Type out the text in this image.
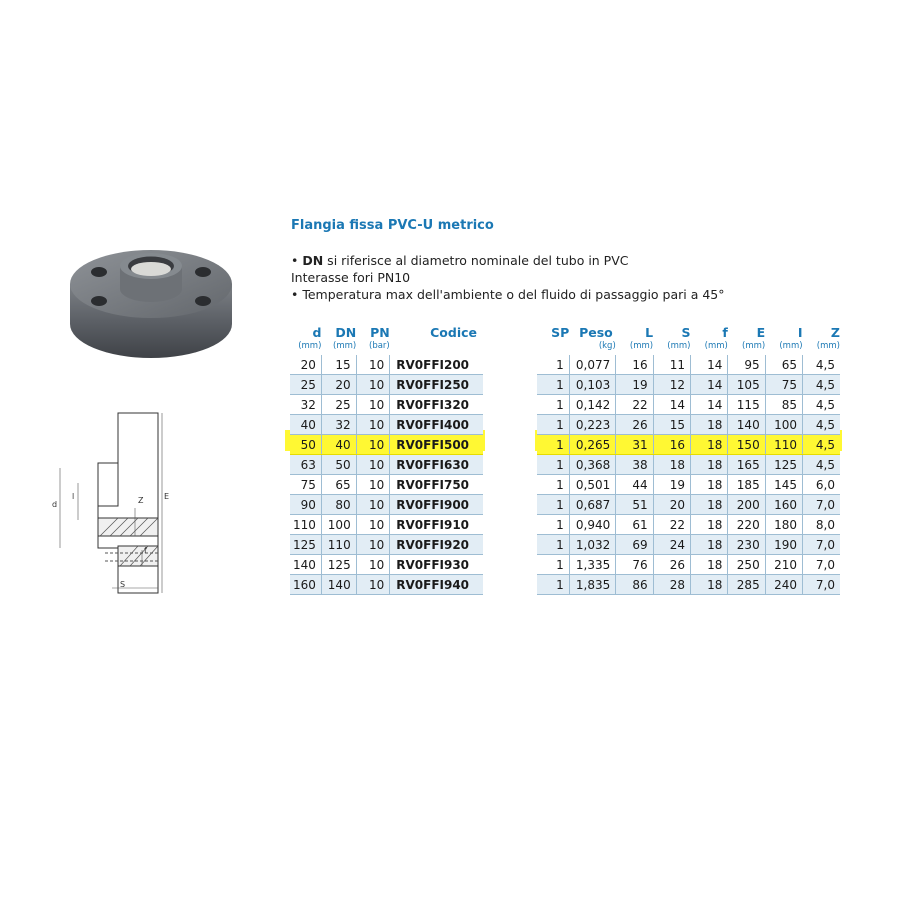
d
l	Z	E
f
S
Flangia fissa PVC-U metrico
• DN si riferisce al diametro nominale del tubo in PVC
Interasse fori PN10
• Temperatura max dell'ambiente o del fluido di passaggio pari a 45°
d	DN	PN	Codice
(mm)	(mm)	(bar)	
20	15	10	RV0FFI200
25	20	10	RV0FFI250
32	25	10	RV0FFI320
40	32	10	RV0FFI400
50	40	10	RV0FFI500
63	50	10	RV0FFI630
75	65	10	RV0FFI750
90	80	10	RV0FFI900
110	100	10	RV0FFI910
125	110	10	RV0FFI920
140	125	10	RV0FFI930
160	140	10	RV0FFI940
SP	Peso	L	S	f	E	I	Z
	(kg)	(mm)	(mm)	(mm)	(mm)	(mm)	(mm)
1	0,077	16	11	14	95	65	4,5
1	0,103	19	12	14	105	75	4,5
1	0,142	22	14	14	115	85	4,5
1	0,223	26	15	18	140	100	4,5
1	0,265	31	16	18	150	110	4,5
1	0,368	38	18	18	165	125	4,5
1	0,501	44	19	18	185	145	6,0
1	0,687	51	20	18	200	160	7,0
1	0,940	61	22	18	220	180	8,0
1	1,032	69	24	18	230	190	7,0
1	1,335	76	26	18	250	210	7,0
1	1,835	86	28	18	285	240	7,0
